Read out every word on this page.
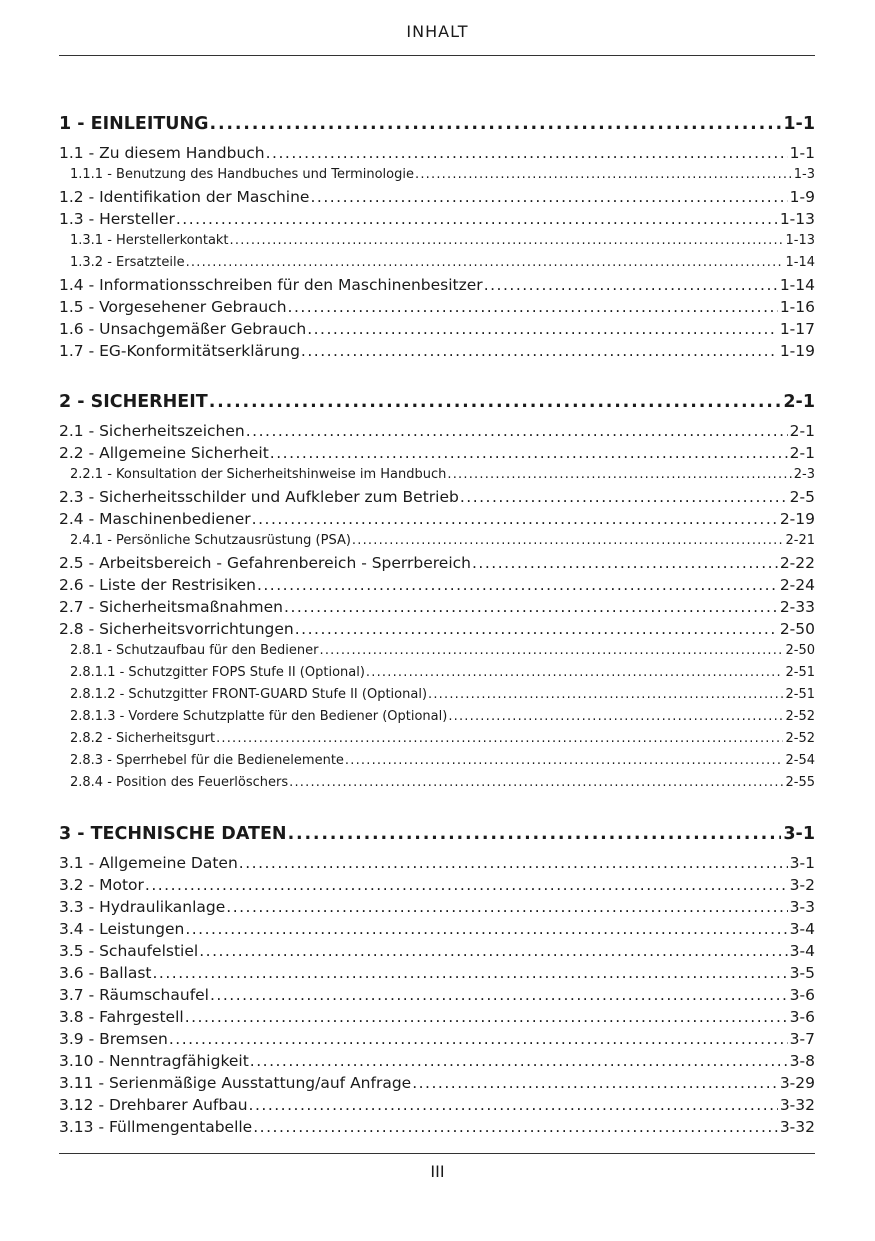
INHALT
1 - EINLEITUNG .....	1-1
1.1 - Zu diesem Handbuch .....	1-1
1.1.1 - Benutzung des Handbuches und Terminologie .....	1-3
1.2 - Identifikation der Maschine .....	1-9
1.3 - Hersteller .....	1-13
1.3.1 - Herstellerkontakt .....	1-13
1.3.2 - Ersatzteile .....	1-14
1.4 - Informationsschreiben für den Maschinenbesitzer .....	1-14
1.5 - Vorgesehener Gebrauch .....	1-16
1.6 - Unsachgemäßer Gebrauch .....	1-17
1.7 - EG-Konformitätserklärung .....	1-19
2 - SICHERHEIT .....	2-1
2.1 - Sicherheitszeichen .....	2-1
2.2 - Allgemeine Sicherheit .....	2-1
2.2.1 - Konsultation der Sicherheitshinweise im Handbuch .....	2-3
2.3 - Sicherheitsschilder und Aufkleber zum Betrieb .....	2-5
2.4 - Maschinenbediener .....	2-19
2.4.1 - Persönliche Schutzausrüstung (PSA) .....	2-21
2.5 - Arbeitsbereich - Gefahrenbereich - Sperrbereich .....	2-22
2.6 - Liste der Restrisiken .....	2-24
2.7 - Sicherheitsmaßnahmen .....	2-33
2.8 - Sicherheitsvorrichtungen .....	2-50
2.8.1 - Schutzaufbau für den Bediener .....	2-50
2.8.1.1 - Schutzgitter FOPS Stufe II (Optional) .....	2-51
2.8.1.2 - Schutzgitter FRONT-GUARD Stufe II (Optional) .....	2-51
2.8.1.3 - Vordere Schutzplatte für den Bediener (Optional) .....	2-52
2.8.2 - Sicherheitsgurt .....	2-52
2.8.3 - Sperrhebel für die Bedienelemente .....	2-54
2.8.4 - Position des Feuerlöschers .....	2-55
3 - TECHNISCHE DATEN .....	3-1
3.1 - Allgemeine Daten .....	3-1
3.2 - Motor .....	3-2
3.3 - Hydraulikanlage .....	3-3
3.4 - Leistungen .....	3-4
3.5 - Schaufelstiel .....	3-4
3.6 - Ballast .....	3-5
3.7 - Räumschaufel .....	3-6
3.8 - Fahrgestell .....	3-6
3.9 - Bremsen .....	3-7
3.10 - Nenntragfähigkeit .....	3-8
3.11 - Serienmäßige Ausstattung/auf Anfrage .....	3-29
3.12 - Drehbarer Aufbau .....	3-32
3.13 - Füllmengentabelle .....	3-32
III
